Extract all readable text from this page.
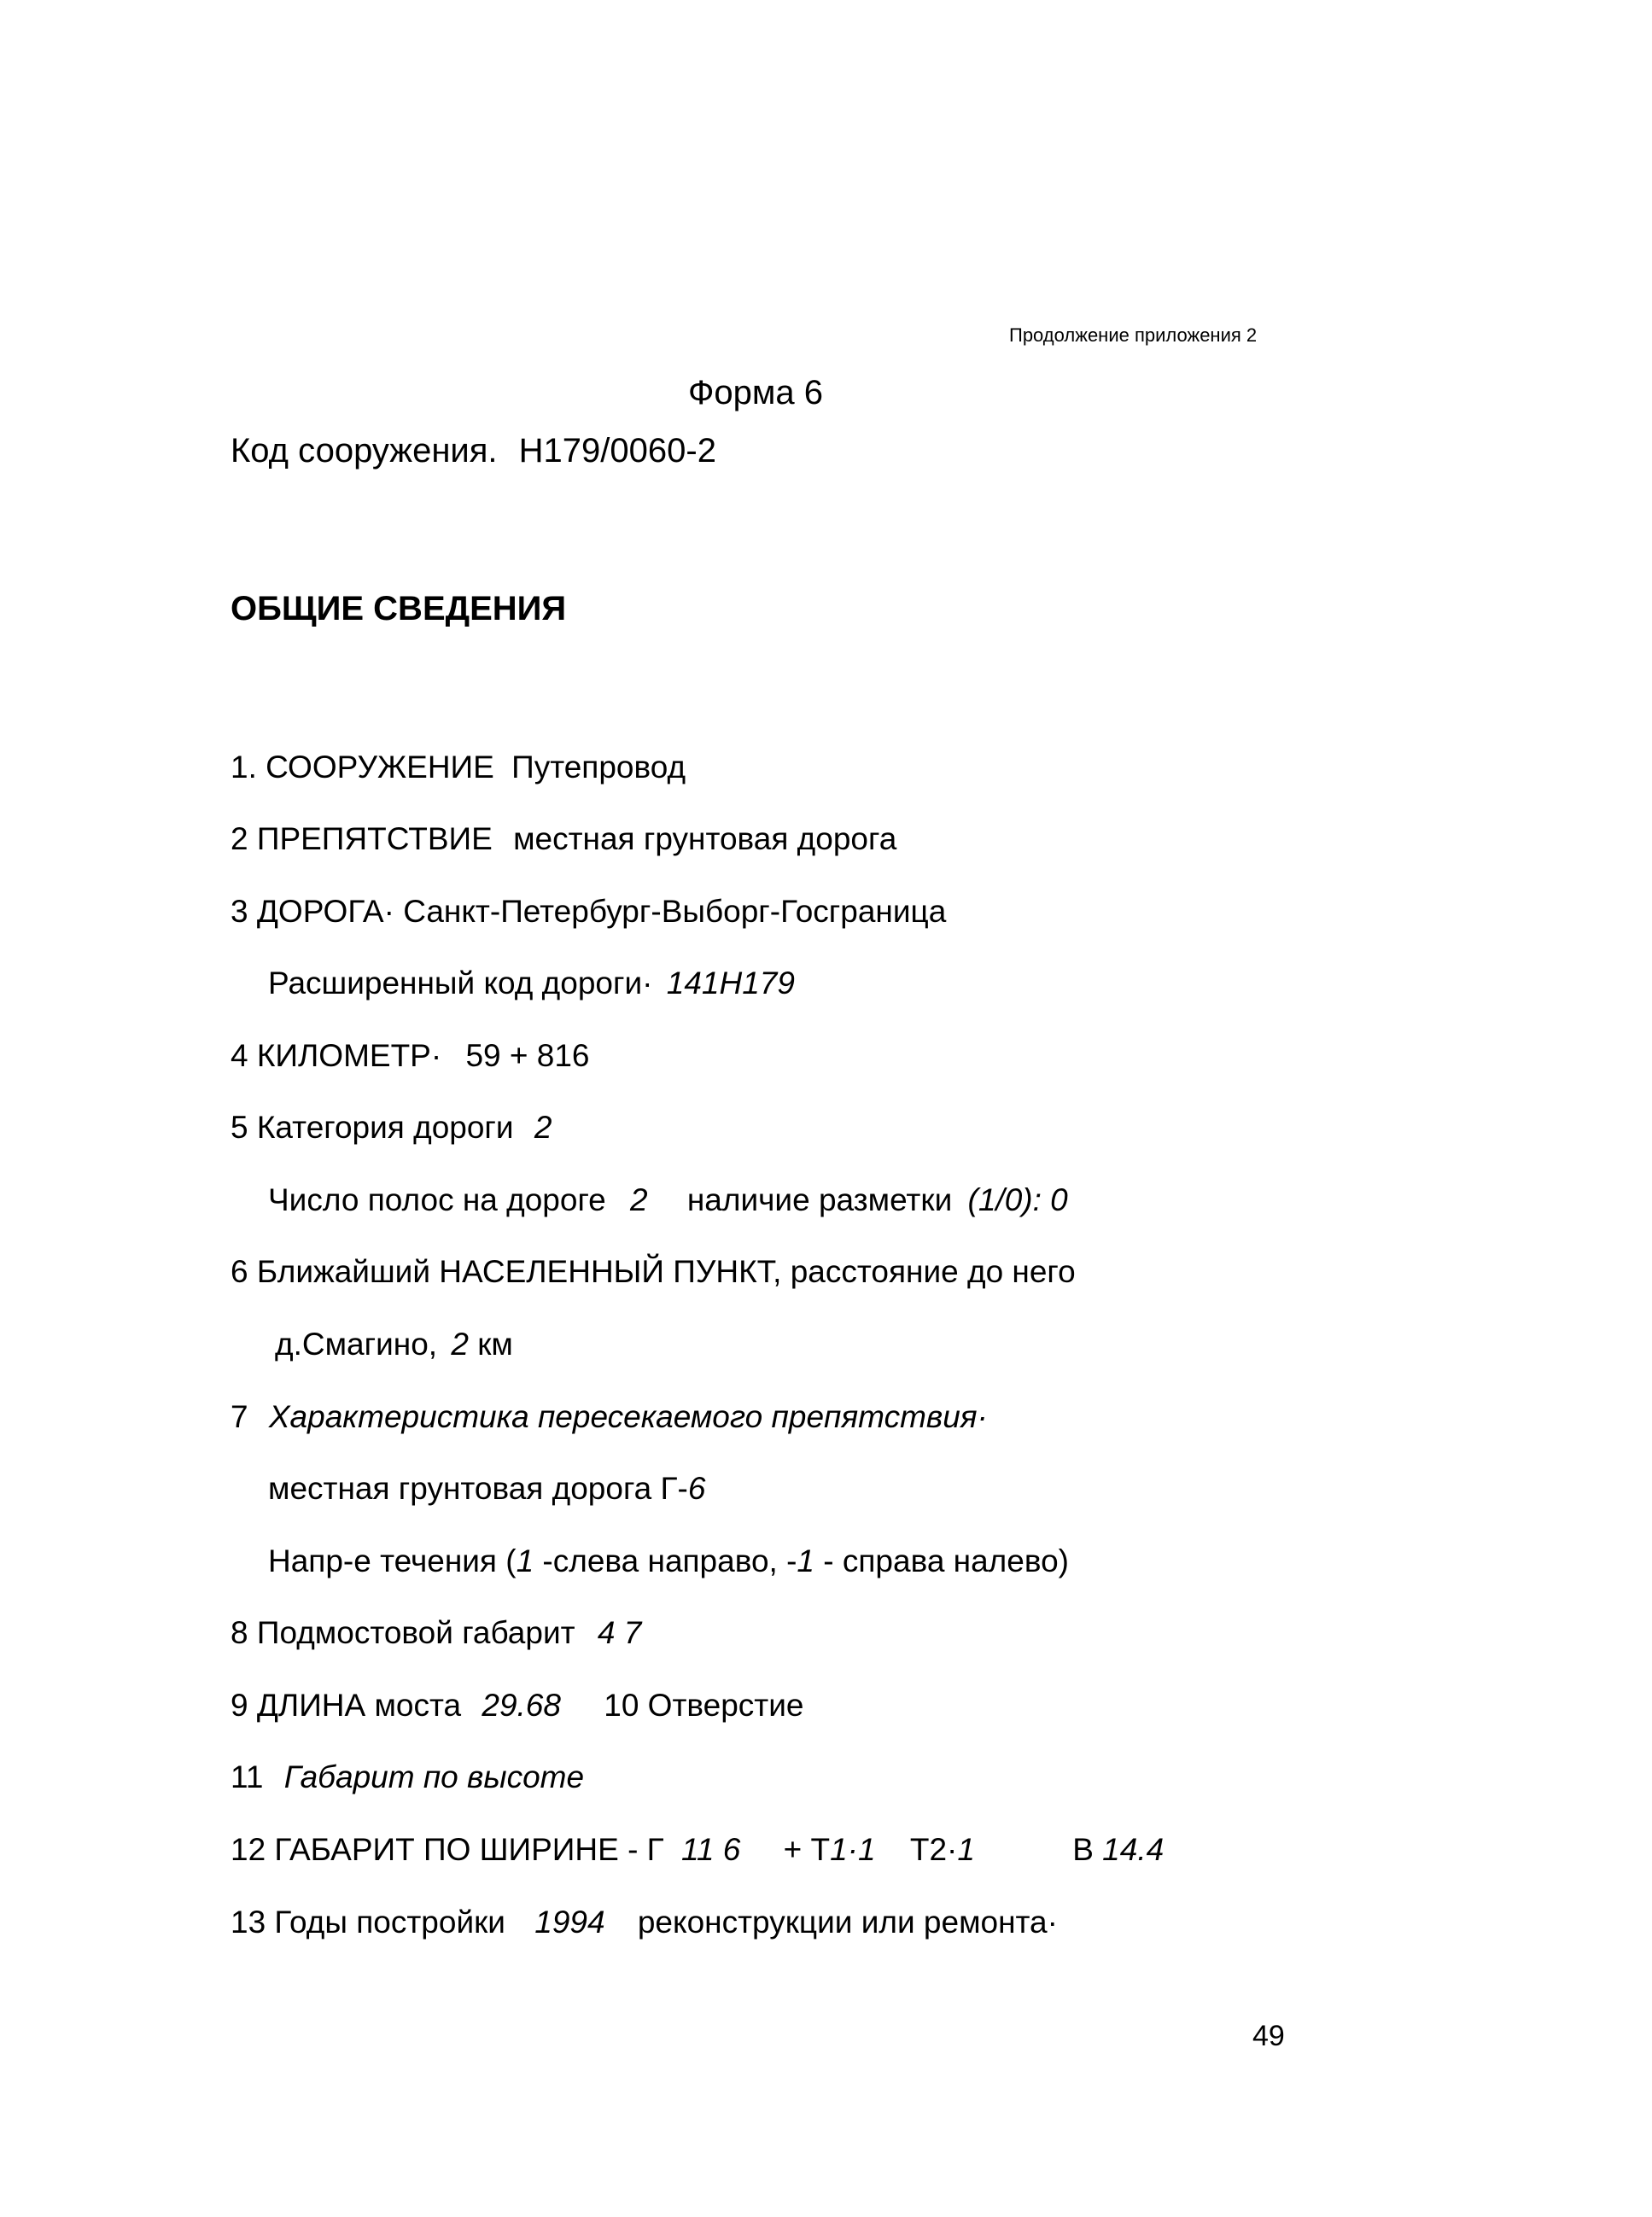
Продолжение приложения 2
Форма 6
Код сооружения. Н179/0060-2
ОБЩИЕ СВЕДЕНИЯ
1. СООРУЖЕНИЕ Путепровод
2 ПРЕПЯТСТВИЕ местная грунтовая дорога
3 ДОРОГА· Санкт-Петербург-Выборг-Госграница
Расширенный код дороги· 141Н179
4 КИЛОМЕТР· 59 + 816
5 Категория дороги 2
Число полос на дороге 2 наличие разметки (1/0): 0
6 Ближайший НАСЕЛЕННЫЙ ПУНКТ, расстояние до него
д.Смагино, 2 км
7 Характеристика пересекаемого препятствия·
местная грунтовая дорога Г-6
Напр-е течения (1 -слева направо, -1 - справа налево)
8 Подмостовой габарит 4 7
9 ДЛИНА моста 29.68 10 Отверстие
11 Габарит по высоте
12 ГАБАРИТ ПО ШИРИНЕ - Г 11 6 + Т1·1 Т2·1	В 14.4
13 Годы постройки 1994 реконструкции или ремонта·
49
